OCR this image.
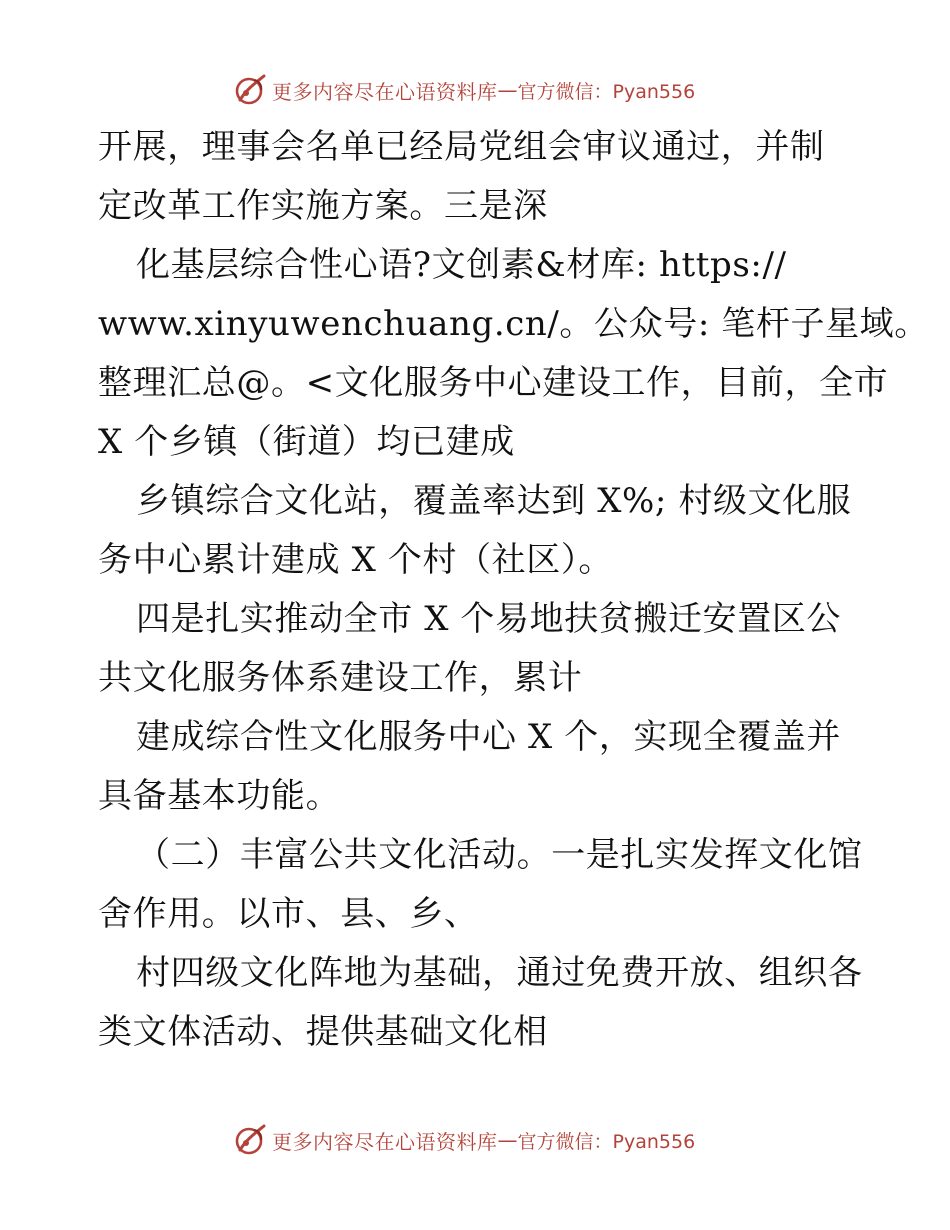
更多内容尽在心语资料库 — 官方微信：Pyan556
开展，理事会名单已经局党组会审议通过，并制
定改革工作实施方案。三是深
化基层综合性心语?文创素&材库: https://
www.xinyuwenchuang.cn/。公众号: 笔杆子星域。
整理汇总@。<文化服务中心建设工作，目前，全市
X 个乡镇（街道）均已建成
乡镇综合文化站，覆盖率达到 X%; 村级文化服
务中心累计建成 X 个村（社区）。
四是扎实推动全市 X 个易地扶贫搬迁安置区公
共文化服务体系建设工作，累计
建成综合性文化服务中心 X 个，实现全覆盖并
具备基本功能。
（二）丰富公共文化活动。一是扎实发挥文化馆
舍作用。以市、县、乡、
村四级文化阵地为基础，通过免费开放、组织各
类文体活动、提供基础文化相
更多内容尽在心语资料库 — 官方微信：Pyan556
